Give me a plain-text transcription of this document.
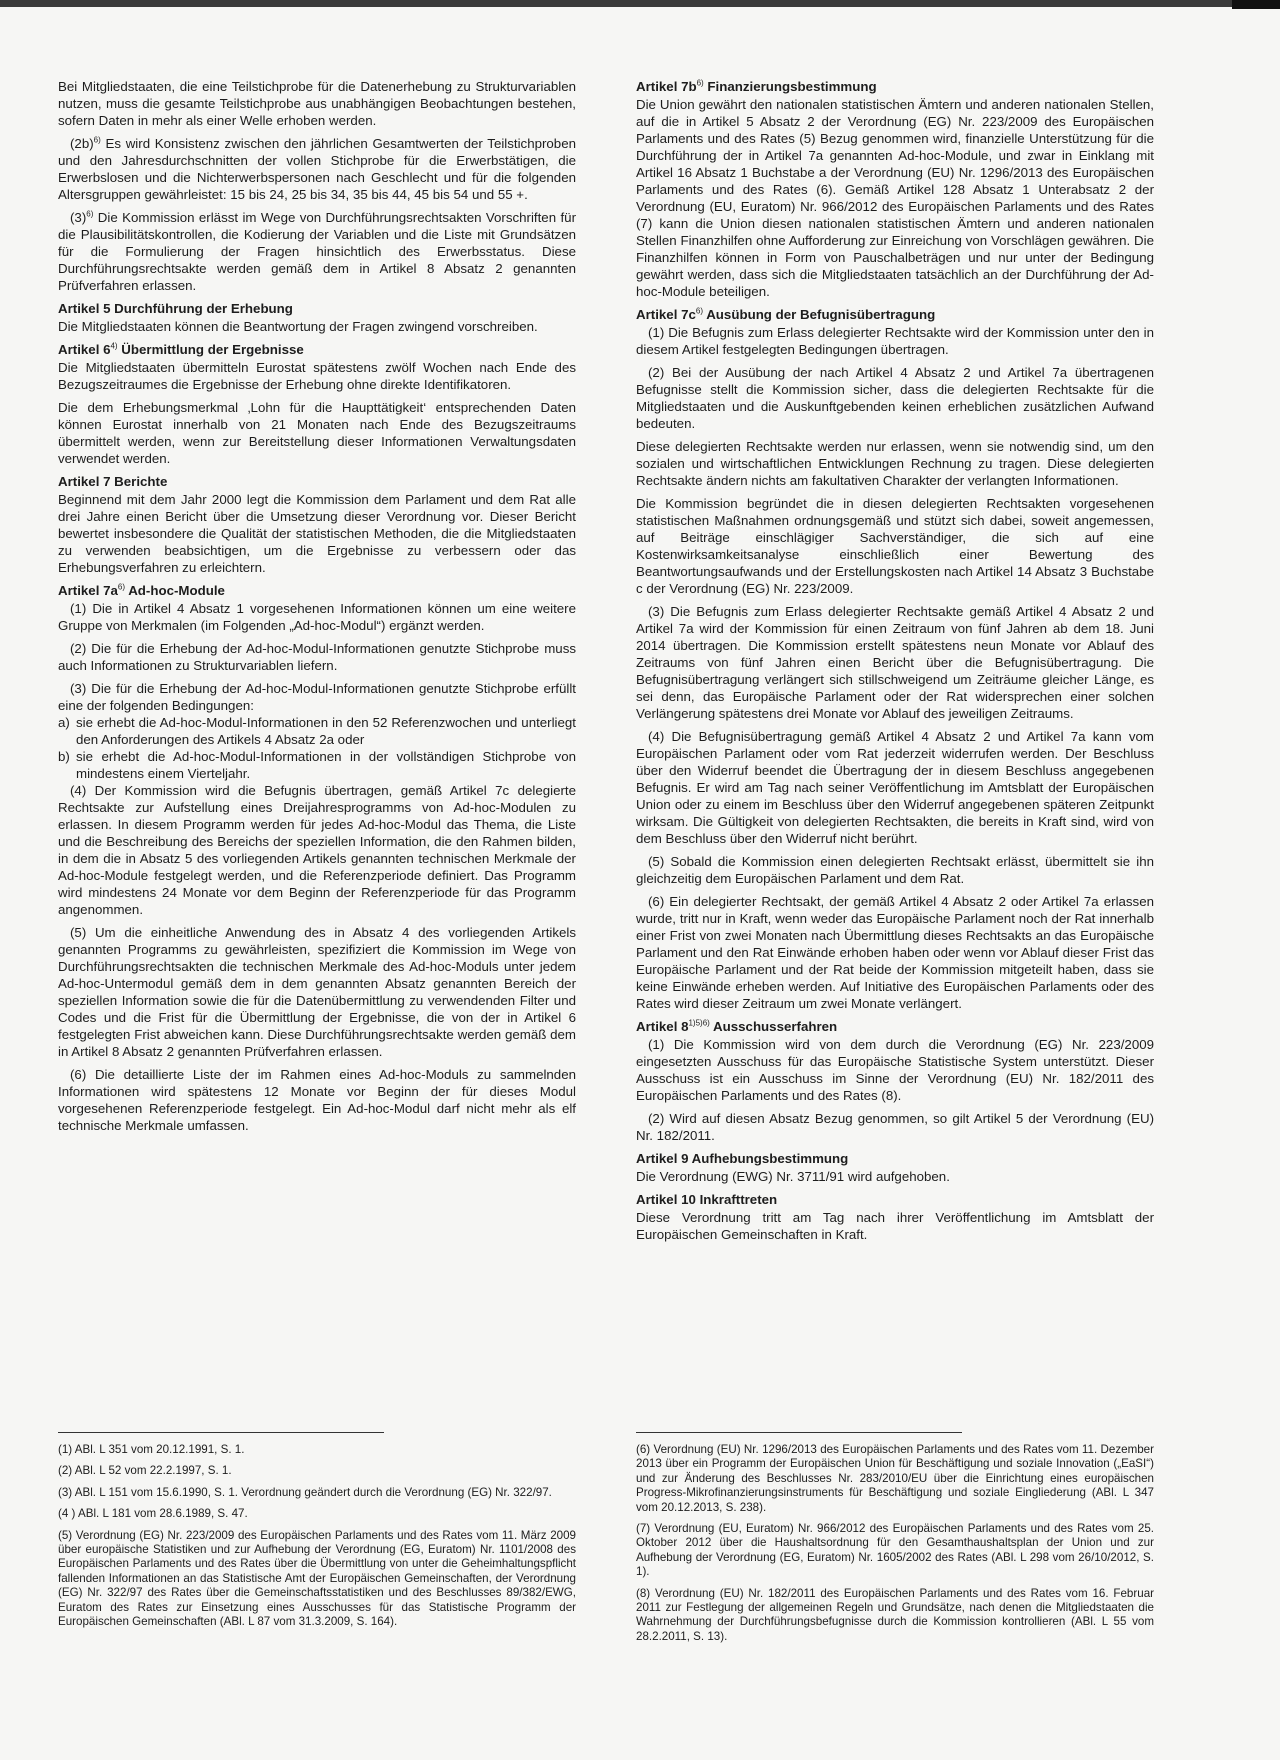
Bei Mitgliedstaaten, die eine Teilstichprobe für die Datenerhebung zu Strukturvariablen nutzen, muss die gesamte Teilstichprobe aus unabhängigen Beobachtungen bestehen, sofern Daten in mehr als einer Welle erhoben werden.

$(2b)^{6)}$ Es wird Konsistenz zwischen den jährlichen Gesamtwerten der Teilstichproben und den Jahresdurchschnitten der vollen Stichprobe für die Erwerbstätigen, die Erwerbslosen und die Nichterwerbspersonen nach Geschlecht und für die folgenden Altersgruppen gewährleistet: 15 bis 24, 25 bis 34, 35 bis 44, 45 bis 54 und 55 +.

$(3)^{6)}$ Die Kommission erlässt im Wege von Durchführungsrechtsakten Vorschriften für die Plausibilitätskontrollen, die Kodierung der Variablen und die Liste mit Grundsätzen für die Formulierung der Fragen hinsichtlich des Erwerbsstatus. Diese Durchführungsrechtsakte werden gemäß dem in Artikel 8 Absatz 2 genannten Prüfverfahren erlassen.

Artikel 5 Durchführung der Erhebung

Die Mitgliedstaaten können die Beantwortung der Fragen zwingend vorschreiben.

Artikel 6$^{4)}$ Übermittlung der Ergebnisse

Die Mitgliedstaaten übermitteln Eurostat spätestens zwölf Wochen nach Ende des Bezugszeitraumes die Ergebnisse der Erhebung ohne direkte Identifikatoren.

Die dem Erhebungsmerkmal ‚Lohn für die Haupttätigkeit‘ entsprechenden Daten können Eurostat innerhalb von 21 Monaten nach Ende des Bezugszeitraums übermittelt werden, wenn zur Bereitstellung dieser Informationen Verwaltungsdaten verwendet werden.

Artikel 7 Berichte

Beginnend mit dem Jahr 2000 legt die Kommission dem Parlament und dem Rat alle drei Jahre einen Bericht über die Umsetzung dieser Verordnung vor. Dieser Bericht bewertet insbesondere die Qualität der statistischen Methoden, die die Mitgliedstaaten zu verwenden beabsichtigen, um die Ergebnisse zu verbessern oder das Erhebungsverfahren zu erleichtern.

Artikel $7a^{6)}$ Ad-hoc-Module

(1) Die in Artikel 4 Absatz 1 vorgesehenen Informationen können um eine weitere Gruppe von Merkmalen (im Folgenden „Ad-hoc-Modul“) ergänzt werden.

(2) Die für die Erhebung der Ad-hoc-Modul-Informationen genutzte Stichprobe muss auch Informationen zu Strukturvariablen liefern.

(3) Die für die Erhebung der Ad-hoc-Modul-Informationen genutzte Stichprobe erfüllt eine der folgenden Bedingungen:

a) sie erhebt die Ad-hoc-Modul-Informationen in den 52 Referenzwochen und unterliegt den Anforderungen des Artikels 4 Absatz 2a oder
b) sie erhebt die Ad-hoc-Modul-Informationen in der vollständigen Stichprobe von mindestens einem Vierteljahr.

(4) Der Kommission wird die Befugnis übertragen, gemäß Artikel 7c delegierte Rechtsakte zur Aufstellung eines Dreijahresprogramms von Ad-hoc-Modulen zu erlassen. In diesem Programm werden für jedes Ad-hoc-Modul das Thema, die Liste und die Beschreibung des Bereichs der speziellen Information, die den Rahmen bilden, in dem die in Absatz 5 des vorliegenden Artikels genannten technischen Merkmale der Ad-hoc-Module festgelegt werden, und die Referenzperiode definiert. Das Programm wird mindestens 24 Monate vor dem Beginn der Referenzperiode für das Programm angenommen.

(5) Um die einheitliche Anwendung des in Absatz 4 des vorliegenden Artikels genannten Programms zu gewährleisten, spezifiziert die Kommission im Wege von Durchführungsrechtsakten die technischen Merkmale des Ad-hoc-Moduls unter jedem Ad-hoc-Untermodul gemäß dem in dem genannten Absatz genannten Bereich der speziellen Information sowie die für die Datenübermittlung zu verwendenden Filter und Codes und die Frist für die Übermittlung der Ergebnisse, die von der in Artikel 6 festgelegten Frist abweichen kann. Diese Durchführungsrechtsakte werden gemäß dem in Artikel 8 Absatz 2 genannten Prüfverfahren erlassen.

(6) Die detaillierte Liste der im Rahmen eines Ad-hoc-Moduls zu sammelnden Informationen wird spätestens 12 Monate vor Beginn der für dieses Modul vorgesehenen Referenzperiode festgelegt. Ein Ad-hoc-Modul darf nicht mehr als elf technische Merkmale umfassen.

Artikel $7b^{6)}$ Finanzierungsbestimmung

Die Union gewährt den nationalen statistischen Ämtern und anderen nationalen Stellen, auf die in Artikel 5 Absatz 2 der Verordnung (EG) Nr. 223/2009 des Europäischen Parlaments und des Rates (5) Bezug genommen wird, finanzielle Unterstützung für die Durchführung der in Artikel 7a genannten Ad-hoc-Module, und zwar in Einklang mit Artikel 16 Absatz 1 Buchstabe a der Verordnung (EU) Nr. 1296/2013 des Europäischen Parlaments und des Rates (6). Gemäß Artikel 128 Absatz 1 Unterabsatz 2 der Verordnung (EU, Euratom) Nr. 966/2012 des Europäischen Parlaments und des Rates (7) kann die Union diesen nationalen statistischen Ämtern und anderen nationalen Stellen Finanzhilfen ohne Aufforderung zur Einreichung von Vorschlägen gewähren. Die Finanzhilfen können in Form von Pauschalbeträgen und nur unter der Bedingung gewährt werden, dass sich die Mitgliedstaaten tatsächlich an der Durchführung der Ad-hoc-Module beteiligen.

Artikel $7c^{6)}$ Ausübung der Befugnisübertragung

(1) Die Befugnis zum Erlass delegierter Rechtsakte wird der Kommission unter den in diesem Artikel festgelegten Bedingungen übertragen.

(2) Bei der Ausübung der nach Artikel 4 Absatz 2 und Artikel 7a übertragenen Befugnisse stellt die Kommission sicher, dass die delegierten Rechtsakte für die Mitgliedstaaten und die Auskunftgebenden keinen erheblichen zusätzlichen Aufwand bedeuten.

Diese delegierten Rechtsakte werden nur erlassen, wenn sie notwendig sind, um den sozialen und wirtschaftlichen Entwicklungen Rechnung zu tragen. Diese delegierten Rechtsakte ändern nichts am fakultativen Charakter der verlangten Informationen.

Die Kommission begründet die in diesen delegierten Rechtsakten vorgesehenen statistischen Maßnahmen ordnungsgemäß und stützt sich dabei, soweit angemessen, auf Beiträge einschlägiger Sachverständiger, die sich auf eine Kostenwirksamkeitsanalyse einschließlich einer Bewertung des Beantwortungsaufwands und der Erstellungskosten nach Artikel 14 Absatz 3 Buchstabe c der Verordnung (EG) Nr. 223/2009.

(3) Die Befugnis zum Erlass delegierter Rechtsakte gemäß Artikel 4 Absatz 2 und Artikel 7a wird der Kommission für einen Zeitraum von fünf Jahren ab dem 18. Juni 2014 übertragen. Die Kommission erstellt spätestens neun Monate vor Ablauf des Zeitraums von fünf Jahren einen Bericht über die Befugnisübertragung. Die Befugnisübertragung verlängert sich stillschweigend um Zeiträume gleicher Länge, es sei denn, das Europäische Parlament oder der Rat widersprechen einer solchen Verlängerung spätestens drei Monate vor Ablauf des jeweiligen Zeitraums.

(4) Die Befugnisübertragung gemäß Artikel 4 Absatz 2 und Artikel 7a kann vom Europäischen Parlament oder vom Rat jederzeit widerrufen werden. Der Beschluss über den Widerruf beendet die Übertragung der in diesem Beschluss angegebenen Befugnis. Er wird am Tag nach seiner Veröffentlichung im Amtsblatt der Europäischen Union oder zu einem im Beschluss über den Widerruf angegebenen späteren Zeitpunkt wirksam. Die Gültigkeit von delegierten Rechtsakten, die bereits in Kraft sind, wird von dem Beschluss über den Widerruf nicht berührt.

(5) Sobald die Kommission einen delegierten Rechtsakt erlässt, übermittelt sie ihn gleichzeitig dem Europäischen Parlament und dem Rat.

(6) Ein delegierter Rechtsakt, der gemäß Artikel 4 Absatz 2 oder Artikel 7a erlassen wurde, tritt nur in Kraft, wenn weder das Europäische Parlament noch der Rat innerhalb einer Frist von zwei Monaten nach Übermittlung dieses Rechtsakts an das Europäische Parlament und den Rat Einwände erhoben haben oder wenn vor Ablauf dieser Frist das Europäische Parlament und der Rat beide der Kommission mitgeteilt haben, dass sie keine Einwände erheben werden. Auf Initiative des Europäischen Parlaments oder des Rates wird dieser Zeitraum um zwei Monate verlängert.

Artikel $8^{1)5)6)}$ Ausschusserfahren

(1) Die Kommission wird von dem durch die Verordnung (EG) Nr. 223/2009 eingesetzten Ausschuss für das Europäische Statistische System unterstützt. Dieser Ausschuss ist ein Ausschuss im Sinne der Verordnung (EU) Nr. 182/2011 des Europäischen Parlaments und des Rates (8).

(2) Wird auf diesen Absatz Bezug genommen, so gilt Artikel 5 der Verordnung (EU) Nr. 182/2011.

Artikel 9 Aufhebungsbestimmung

Die Verordnung (EWG) Nr. 3711/91 wird aufgehoben.

Artikel 10 Inkrafttreten

Diese Verordnung tritt am Tag nach ihrer Veröffentlichung im Amtsblatt der Europäischen Gemeinschaften in Kraft.

(1) ABl. L 351 vom 20.12.1991, S. 1.

(2) ABl. L 52 vom 22.2.1997, S. 1.

(3) ABl. L 151 vom 15.6.1990, S. 1. Verordnung geändert durch die Verordnung (EG) Nr. 322/97.

(4 ) ABl. L 181 vom 28.6.1989, S. 47.

(5) Verordnung (EG) Nr. 223/2009 des Europäischen Parlaments und des Rates vom 11. März 2009 über europäische Statistiken und zur Aufhebung der Verordnung (EG, Euratom) Nr. 1101/2008 des Europäischen Parlaments und des Rates über die Übermittlung von unter die Geheimhaltungspflicht fallenden Informationen an das Statistische Amt der Europäischen Gemeinschaften, der Verordnung (EG) Nr. 322/97 des Rates über die Gemeinschaftsstatistiken und des Beschlusses 89/382/EWG, Euratom des Rates zur Einsetzung eines Ausschusses für das Statistische Programm der Europäischen Gemeinschaften (ABl. L 87 vom 31.3.2009, S. 164).

(6) Verordnung (EU) Nr. 1296/2013 des Europäischen Parlaments und des Rates vom 11. Dezember 2013 über ein Programm der Europäischen Union für Beschäftigung und soziale Innovation („EaSI“) und zur Änderung des Beschlusses Nr. 283/2010/EU über die Einrichtung eines europäischen Progress-Mikrofinanzierungsinstruments für Beschäftigung und soziale Eingliederung (ABl. L 347 vom 20.12.2013, S. 238).

(7) Verordnung (EU, Euratom) Nr. 966/2012 des Europäischen Parlaments und des Rates vom 25. Oktober 2012 über die Haushaltsordnung für den Gesamthaushaltsplan der Union und zur Aufhebung der Verordnung (EG, Euratom) Nr. 1605/2002 des Rates (ABl. L 298 vom 26/10/2012, S. 1).

(8) Verordnung (EU) Nr. 182/2011 des Europäischen Parlaments und des Rates vom 16. Februar 2011 zur Festlegung der allgemeinen Regeln und Grundsätze, nach denen die Mitgliedstaaten die Wahrnehmung der Durchführungsbefugnisse durch die Kommission kontrollieren (ABl. L 55 vom 28.2.2011, S. 13).
